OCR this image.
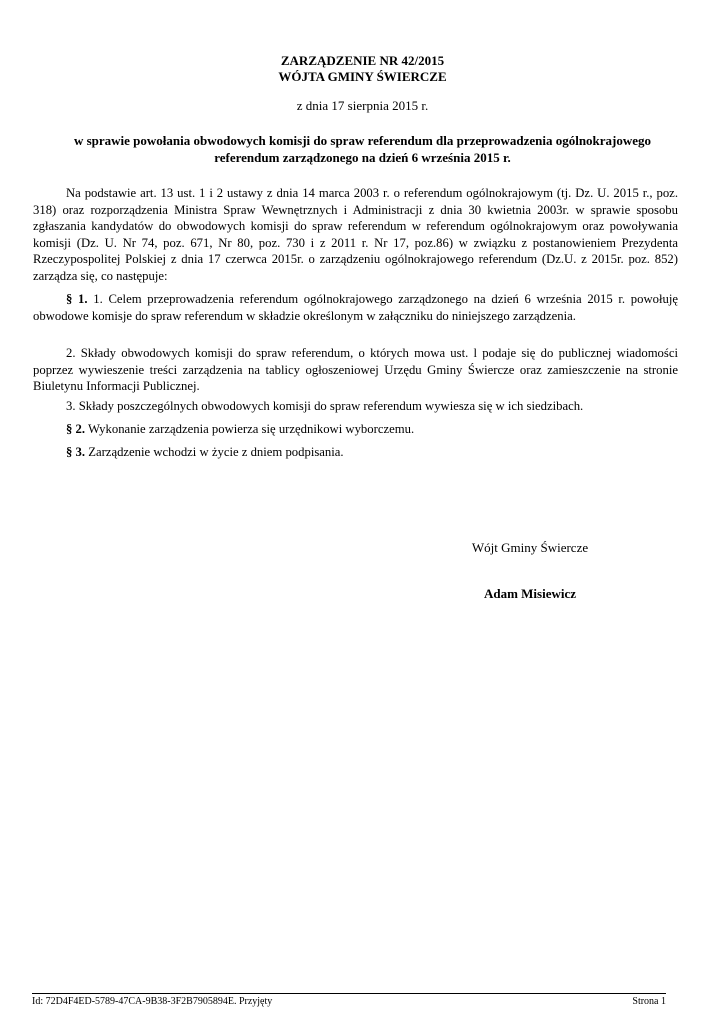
ZARZĄDZENIE NR 42/2015
WÓJTA GMINY ŚWIERCZE
z dnia 17 sierpnia 2015 r.
w sprawie powołania obwodowych komisji do spraw referendum dla przeprowadzenia ogólnokrajowego referendum zarządzonego na dzień 6 września 2015 r.

Na podstawie art. 13 ust. 1 i 2 ustawy z dnia 14 marca 2003 r. o referendum ogólnokrajowym (tj. Dz. U. 2015 r., poz. 318) oraz rozporządzenia Ministra Spraw Wewnętrznych i Administracji z dnia 30 kwietnia 2003r. w sprawie sposobu zgłaszania kandydatów do obwodowych komisji do spraw referendum w referendum ogólnokrajowym oraz powoływania komisji (Dz. U. Nr 74, poz. 671, Nr 80, poz. 730 i z 2011 r. Nr 17, poz.86) w związku z postanowieniem Prezydenta Rzeczypospolitej Polskiej z dnia 17 czerwca 2015r. o zarządzeniu ogólnokrajowego referendum (Dz.U. z 2015r. poz. 852) zarządza się, co następuje:

§ 1. 1. Celem przeprowadzenia referendum ogólnokrajowego zarządzonego na dzień 6 września 2015 r. powołuję obwodowe komisje do spraw referendum w składzie określonym w załączniku do niniejszego zarządzenia.

2. Składy obwodowych komisji do spraw referendum, o których mowa ust. l podaje się do publicznej wiadomości poprzez wywieszenie treści zarządzenia na tablicy ogłoszeniowej Urzędu Gminy Świercze oraz zamieszczenie na stronie Biuletynu Informacji Publicznej.

3. Składy poszczególnych obwodowych komisji do spraw referendum wywiesza się w ich siedzibach.

§ 2. Wykonanie zarządzenia powierza się urzędnikowi wyborczemu.

§ 3. Zarządzenie wchodzi w życie z dniem podpisania.

Wójt Gminy Świercze
Adam Misiewicz
Id: 72D4F4ED-5789-47CA-9B38-3F2B7905894E. Przyjęty	Strona 1
